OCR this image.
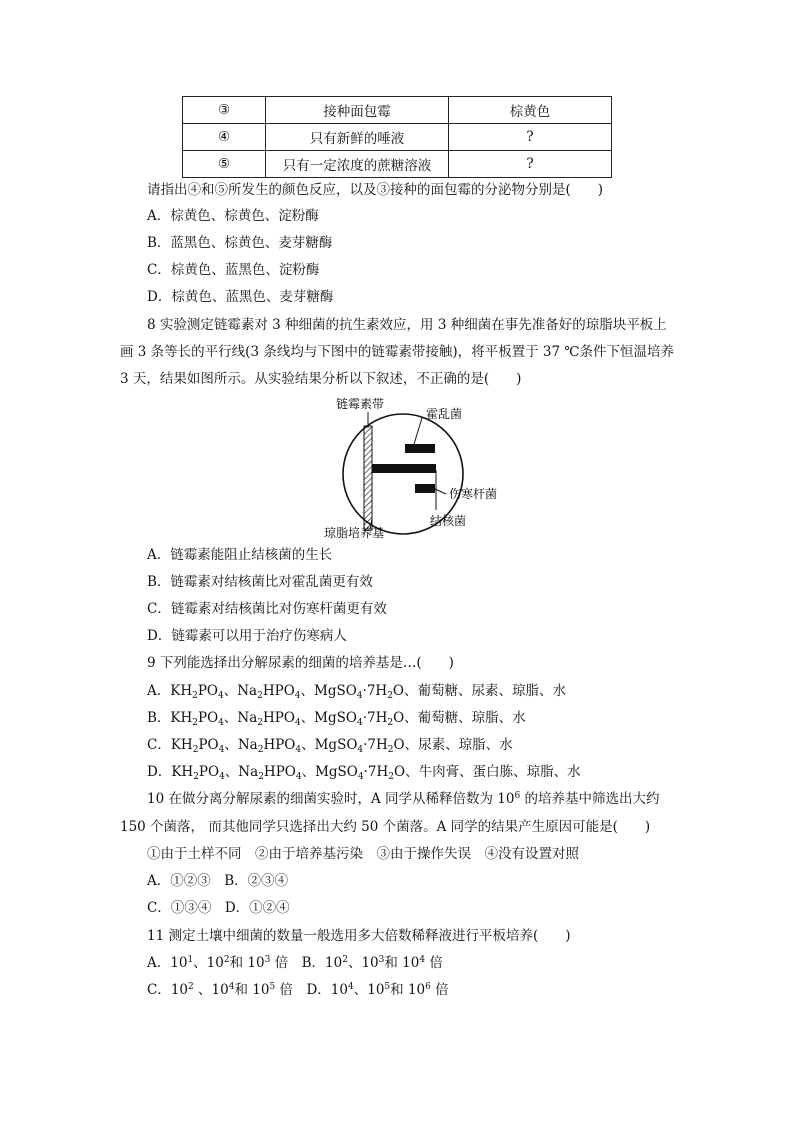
③	接种面包霉	棕黄色
④	只有新鲜的唾液	?
⑤	只有一定浓度的蔗糖溶液	?
请指出④和⑤所发生的颜色反应，以及③接种的面包霉的分泌物分别是(　　)
A．棕黄色、棕黄色、淀粉酶
B．蓝黑色、棕黄色、麦芽糖酶
C．棕黄色、蓝黑色、淀粉酶
D．棕黄色、蓝黑色、麦芽糖酶
8 实验测定链霉素对 3 种细菌的抗生素效应，用 3 种细菌在事先准备好的琼脂块平板上
画 3 条等长的平行线(3 条线均与下图中的链霉素带接触)，将平板置于 37 ℃条件下恒温培养
3 天，结果如图所示。从实验结果分析以下叙述，不正确的是(　　)
链霉素带
霍乱菌
伤寒杆菌
结核菌
琼脂培养基
A．链霉素能阻止结核菌的生长
B．链霉素对结核菌比对霍乱菌更有效
C．链霉素对结核菌比对伤寒杆菌更有效
D．链霉素可以用于治疗伤寒病人
9 下列能选择出分解尿素的细菌的培养基是…(　　)
A．$KH_2PO_4$、$Na_2HPO_4$、$MgSO_4\cdot 7H_2O$、葡萄糖、尿素、琼脂、水
B．$KH_2PO_4$、$Na_2HPO_4$、$MgSO_4\cdot 7H_2O$、葡萄糖、琼脂、水
C．$KH_2PO_4$、$Na_2HPO_4$、$MgSO_4\cdot 7H_2O$、尿素、琼脂、水
D．$KH_2PO_4$、$Na_2HPO_4$、$MgSO_4\cdot 7H_2O$、牛肉膏、蛋白胨、琼脂、水
10 在做分离分解尿素的细菌实验时，A 同学从稀释倍数为 $10^6$ 的培养基中筛选出大约
150 个菌落， 而其他同学只选择出大约 50 个菌落。A 同学的结果产生原因可能是(　　)
①由于土样不同　②由于培养基污染　③由于操作失误　④没有设置对照
A．①②③　B．②③④
C．①③④　D．①②④
11 测定土壤中细菌的数量一般选用多大倍数稀释液进行平板培养(　　)
A．$10^1$、$10^2$和 $10^3$ 倍　B．$10^2$、$10^3$和 $10^4$ 倍
C．$10^2$ 、$10^4$和 $10^5$ 倍　D．$10^4$、$10^5$和 $10^6$ 倍
